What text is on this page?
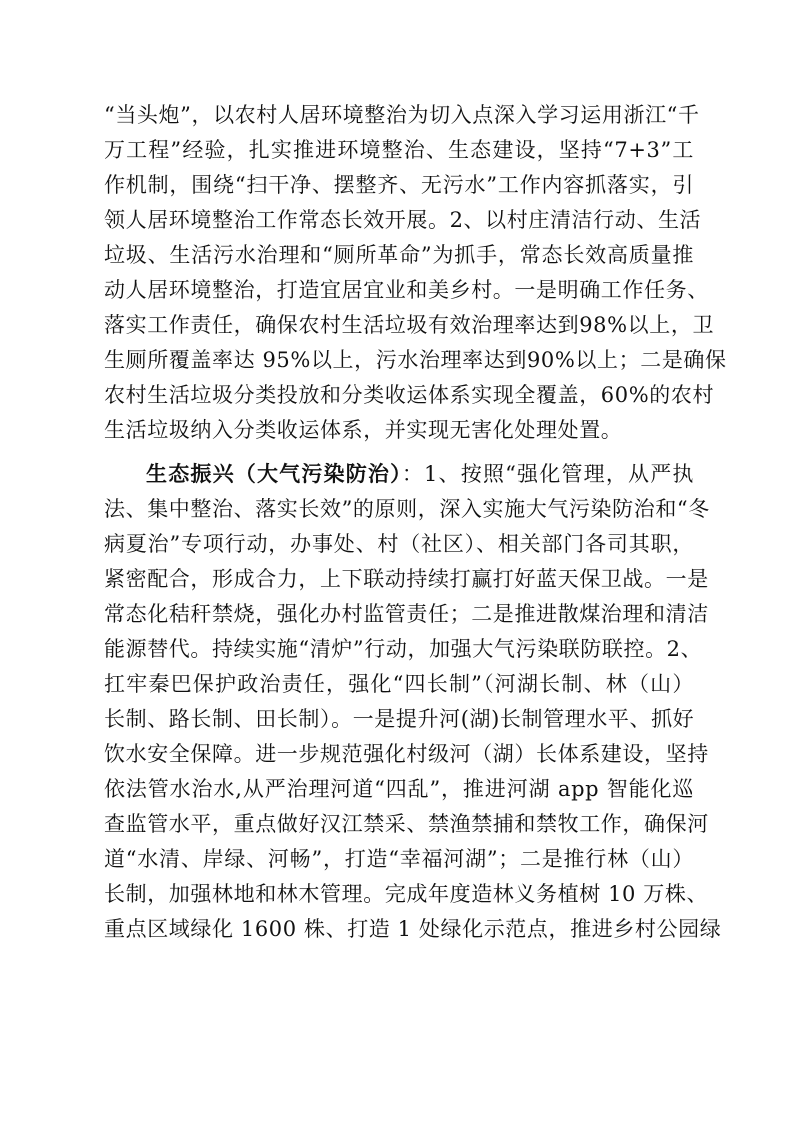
“当头炮”，以农村人居环境整治为切入点深入学习运用浙江“千
万工程”经验，扎实推进环境整治、生态建设，坚持“7+3”工
作机制，围绕“扫干净、摆整齐、无污水”工作内容抓落实，引
领人居环境整治工作常态长效开展。2、以村庄清洁行动、生活
垃圾、生活污水治理和“厕所革命”为抓手，常态长效高质量推
动人居环境整治，打造宜居宜业和美乡村。一是明确工作任务、
落实工作责任，确保农村生活垃圾有效治理率达到98%以上，卫
生厕所覆盖率达 95%以上，污水治理率达到90%以上；二是确保
农村生活垃圾分类投放和分类收运体系实现全覆盖，60%的农村
生活垃圾纳入分类收运体系，并实现无害化处理处置。
生态振兴（大气污染防治）：1、按照“强化管理，从严执
法、集中整治、落实长效”的原则，深入实施大气污染防治和“冬
病夏治”专项行动，办事处、村（社区）、相关部门各司其职，
紧密配合，形成合力，上下联动持续打赢打好蓝天保卫战。一是
常态化秸秆禁烧，强化办村监管责任；二是推进散煤治理和清洁
能源替代。持续实施“清炉”行动，加强大气污染联防联控。2、
扛牢秦巴保护政治责任，强化“四长制”（河湖长制、林（山）
长制、路长制、田长制）。一是提升河(湖)长制管理水平、抓好
饮水安全保障。进一步规范强化村级河（湖）长体系建设，坚持
依法管水治水,从严治理河道“四乱”，推进河湖 app 智能化巡
查监管水平，重点做好汉江禁采、禁渔禁捕和禁牧工作，确保河
道“水清、岸绿、河畅”，打造“幸福河湖”；二是推行林（山）
长制，加强林地和林木管理。完成年度造林义务植树 10 万株、
重点区域绿化 1600 株、打造 1 处绿化示范点，推进乡村公园绿
